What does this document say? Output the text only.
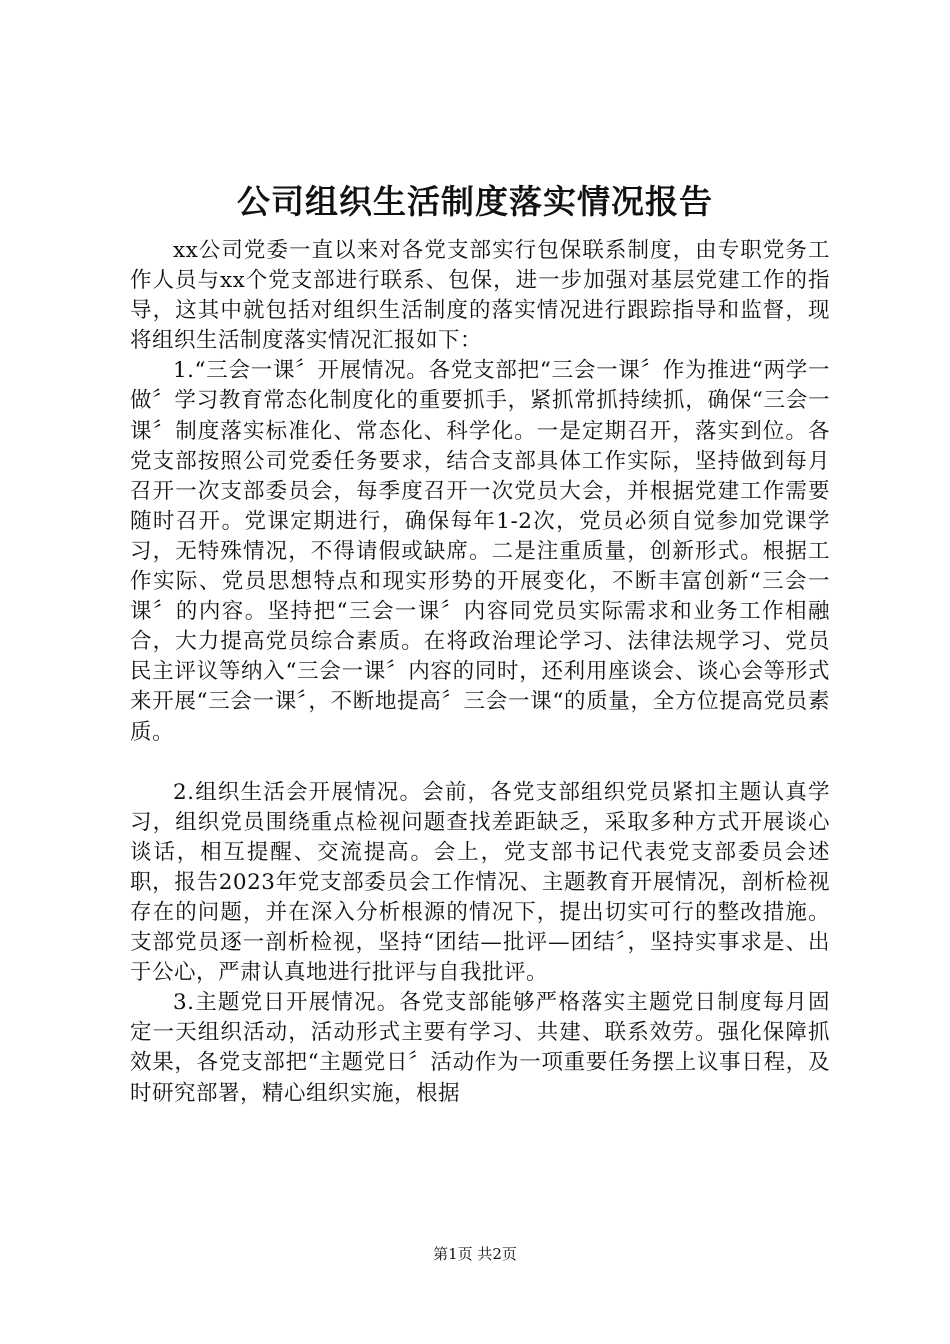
公司组织生活制度落实情况报告

xx公司党委一直以来对各党支部实行包保联系制度，由专职党务工作人员与xx个党支部进行联系、包保，进一步加强对基层党建工作的指导，这其中就包括对组织生活制度的落实情况进行跟踪指导和监督，现将组织生活制度落实情况汇报如下：

1.“三会一课〞开展情况。各党支部把“三会一课〞作为推进“两学一做〞学习教育常态化制度化的重要抓手，紧抓常抓持续抓，确保“三会一课〞制度落实标准化、常态化、科学化。一是定期召开，落实到位。各党支部按照公司党委任务要求，结合支部具体工作实际，坚持做到每月召开一次支部委员会，每季度召开一次党员大会，并根据党建工作需要随时召开。党课定期进行，确保每年1-2次，党员必须自觉参加党课学习，无特殊情况，不得请假或缺席。二是注重质量，创新形式。根据工作实际、党员思想特点和现实形势的开展变化，不断丰富创新“三会一课〞的内容。坚持把“三会一课〞内容同党员实际需求和业务工作相融合，大力提高党员综合素质。在将政治理论学习、法律法规学习、党员民主评议等纳入“三会一课〞内容的同时，还利用座谈会、谈心会等形式来开展“三会一课〞，不断地提高〞三会一课“的质量，全方位提高党员素质。

2.组织生活会开展情况。会前，各党支部组织党员紧扣主题认真学习，组织党员围绕重点检视问题查找差距缺乏，采取多种方式开展谈心谈话，相互提醒、交流提高。会上，党支部书记代表党支部委员会述职，报告2023年党支部委员会工作情况、主题教育开展情况，剖析检视存在的问题，并在深入分析根源的情况下，提出切实可行的整改措施。支部党员逐一剖析检视，坚持“团结—批评—团结〞，坚持实事求是、出于公心，严肃认真地进行批评与自我批评。

3.主题党日开展情况。各党支部能够严格落实主题党日制度每月固定一天组织活动，活动形式主要有学习、共建、联系效劳。强化保障抓效果，各党支部把“主题党日〞活动作为一项重要任务摆上议事日程，及时研究部署，精心组织实施，根据

第1页 共2页
